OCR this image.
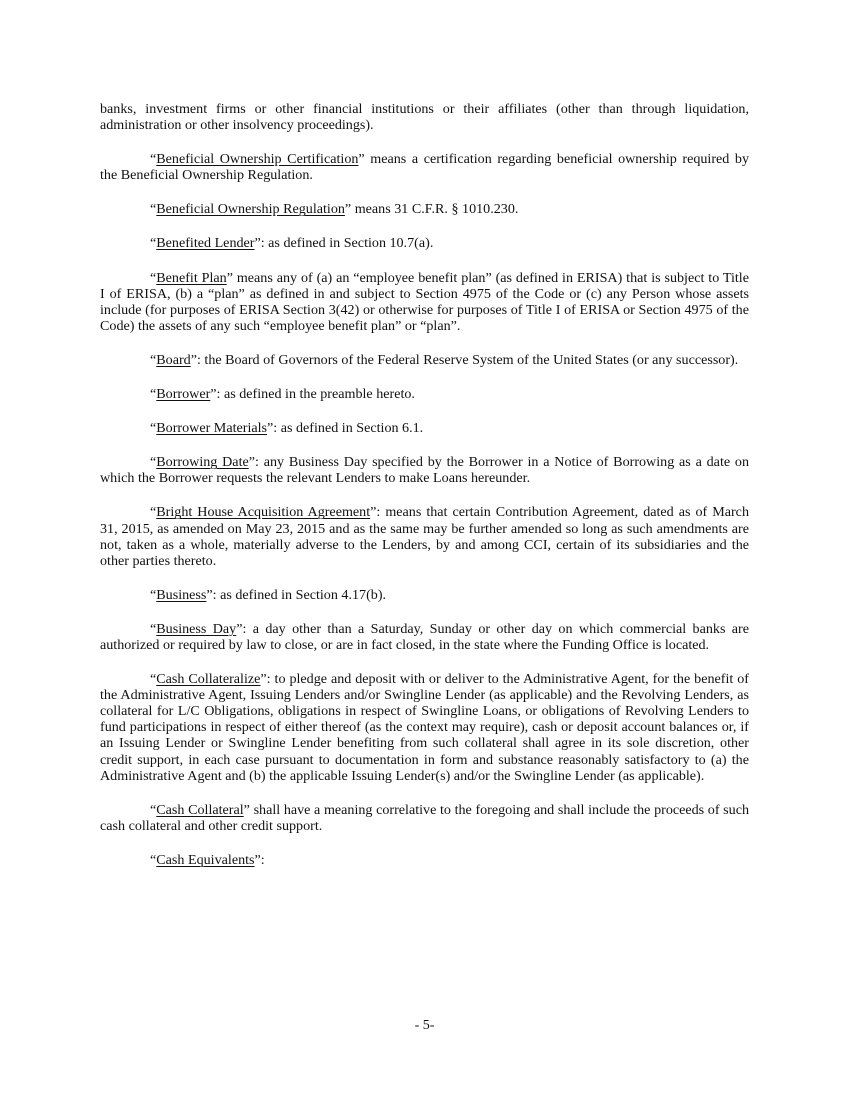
banks, investment firms or other financial institutions or their affiliates (other than through liquidation, administration or other insolvency proceedings).

“Beneficial Ownership Certification” means a certification regarding beneficial ownership required by the Beneficial Ownership Regulation.

“Beneficial Ownership Regulation” means 31 C.F.R. § 1010.230.

“Benefited Lender”: as defined in Section 10.7(a).

“Benefit Plan” means any of (a) an “employee benefit plan” (as defined in ERISA) that is subject to Title I of ERISA, (b) a “plan” as defined in and subject to Section 4975 of the Code or (c) any Person whose assets include (for purposes of ERISA Section 3(42) or otherwise for purposes of Title I of ERISA or Section 4975 of the Code) the assets of any such “employee benefit plan” or “plan”.

“Board”: the Board of Governors of the Federal Reserve System of the United States (or any successor).

“Borrower”: as defined in the preamble hereto.

“Borrower Materials”: as defined in Section 6.1.

“Borrowing Date”: any Business Day specified by the Borrower in a Notice of Borrowing as a date on which the Borrower requests the relevant Lenders to make Loans hereunder.

“Bright House Acquisition Agreement”: means that certain Contribution Agreement, dated as of March 31, 2015, as amended on May 23, 2015 and as the same may be further amended so long as such amendments are not, taken as a whole, materially adverse to the Lenders, by and among CCI, certain of its subsidiaries and the other parties thereto.

“Business”: as defined in Section 4.17(b).

“Business Day”: a day other than a Saturday, Sunday or other day on which commercial banks are authorized or required by law to close, or are in fact closed, in the state where the Funding Office is located.

“Cash Collateralize”: to pledge and deposit with or deliver to the Administrative Agent, for the benefit of the Administrative Agent, Issuing Lenders and/or Swingline Lender (as applicable) and the Revolving Lenders, as collateral for L/C Obligations, obligations in respect of Swingline Loans, or obligations of Revolving Lenders to fund participations in respect of either thereof (as the context may require), cash or deposit account balances or, if an Issuing Lender or Swingline Lender benefiting from such collateral shall agree in its sole discretion, other credit support, in each case pursuant to documentation in form and substance reasonably satisfactory to (a) the Administrative Agent and (b) the applicable Issuing Lender(s) and/or the Swingline Lender (as applicable).

“Cash Collateral” shall have a meaning correlative to the foregoing and shall include the proceeds of such cash collateral and other credit support.

“Cash Equivalents”:

- 5-
